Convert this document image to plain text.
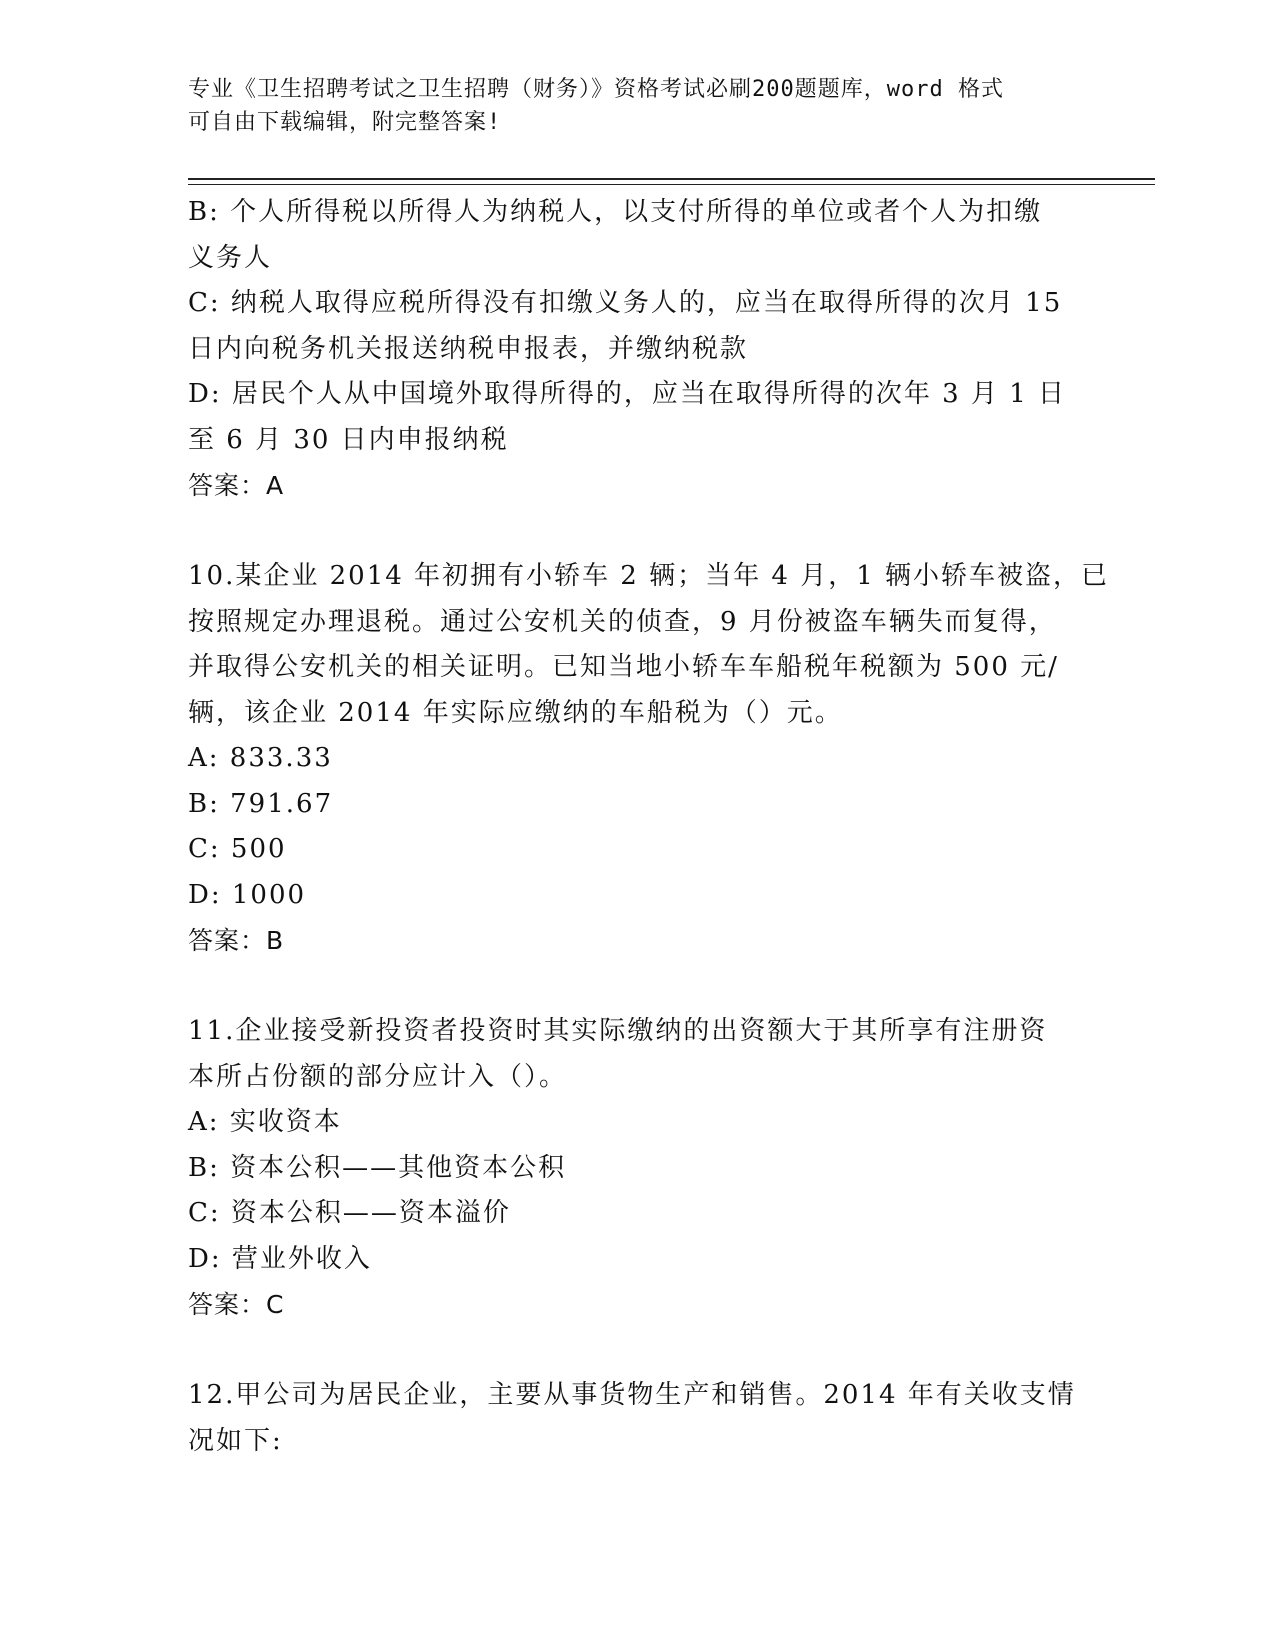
专业《卫生招聘考试之卫生招聘（财务）》资格考试必刷200题题库，word 格式
可自由下载编辑，附完整答案!
B: 个人所得税以所得人为纳税人，以支付所得的单位或者个人为扣缴
义务人
C: 纳税人取得应税所得没有扣缴义务人的，应当在取得所得的次月 15
日内向税务机关报送纳税申报表，并缴纳税款
D: 居民个人从中国境外取得所得的，应当在取得所得的次年 3 月 1 日
至 6 月 30 日内申报纳税
答案：A
10.某企业 2014 年初拥有小轿车 2 辆；当年 4 月，1 辆小轿车被盗，已
按照规定办理退税。通过公安机关的侦查，9 月份被盗车辆失而复得，
并取得公安机关的相关证明。已知当地小轿车车船税年税额为 500 元/
辆，该企业 2014 年实际应缴纳的车船税为（）元。
A: 833.33
B: 791.67
C: 500
D: 1000
答案：B
11.企业接受新投资者投资时其实际缴纳的出资额大于其所享有注册资
本所占份额的部分应计入（）。
A: 实收资本
B: 资本公积——其他资本公积
C: 资本公积——资本溢价
D: 营业外收入
答案：C
12.甲公司为居民企业，主要从事货物生产和销售。2014 年有关收支情
况如下:
